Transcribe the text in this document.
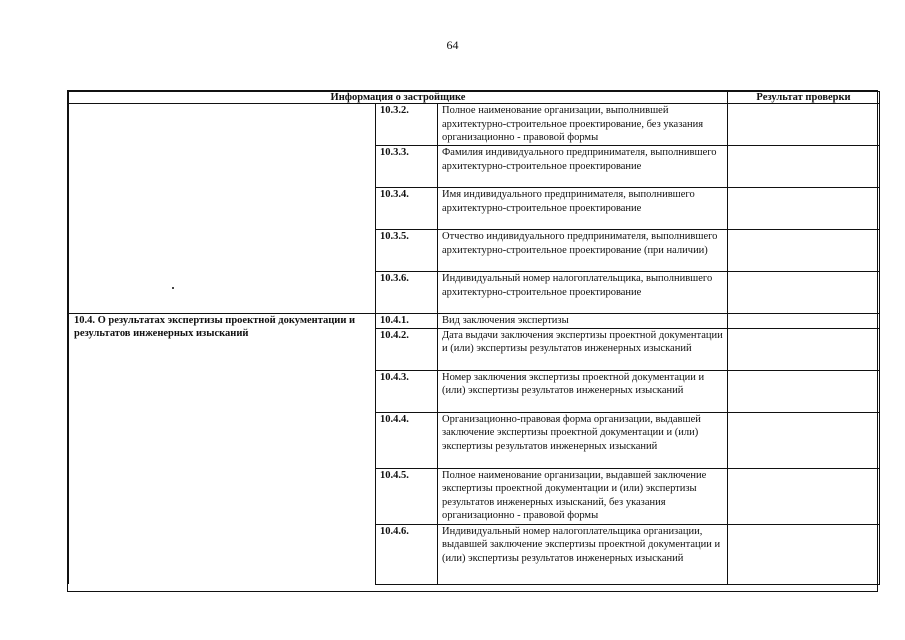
64
Информация о застройщике			Результат проверки
	10.3.2.	Полное наименование организации, выполнившей архитектурно-строительное проектирование, без указания организационно - правовой формы	
	10.3.3.	Фамилия индивидуального предпринимателя, выполнившего архитектурно-строительное проектирование	
	10.3.4.	Имя индивидуального предпринимателя, выполнившего архитектурно-строительное проектирование	
	10.3.5.	Отчество индивидуального предпринимателя, выполнившего архитектурно-строительное проектирование (при наличии)	
	10.3.6.	Индивидуальный номер налогоплательщика, выполнившего архитектурно-строительное проектирование	
10.4. О результатах экспертизы проектной документации и результатов инженерных изысканий	10.4.1.	Вид заключения экспертизы	
	10.4.2.	Дата выдачи заключения экспертизы проектной документации и (или) экспертизы результатов инженерных изысканий	
	10.4.3.	Номер заключения экспертизы проектной документации и (или) экспертизы результатов инженерных изысканий	
	10.4.4.	Организационно-правовая форма организации, выдавшей заключение экспертизы проектной документации и (или) экспертизы результатов инженерных изысканий	
	10.4.5.	Полное наименование организации, выдавшей заключение экспертизы проектной документации и (или) экспертизы результатов инженерных изысканий, без указания организационно - правовой формы	
	10.4.6.	Индивидуальный номер налогоплательщика организации, выдавшей заключение экспертизы проектной документации и (или) экспертизы результатов инженерных изысканий	
